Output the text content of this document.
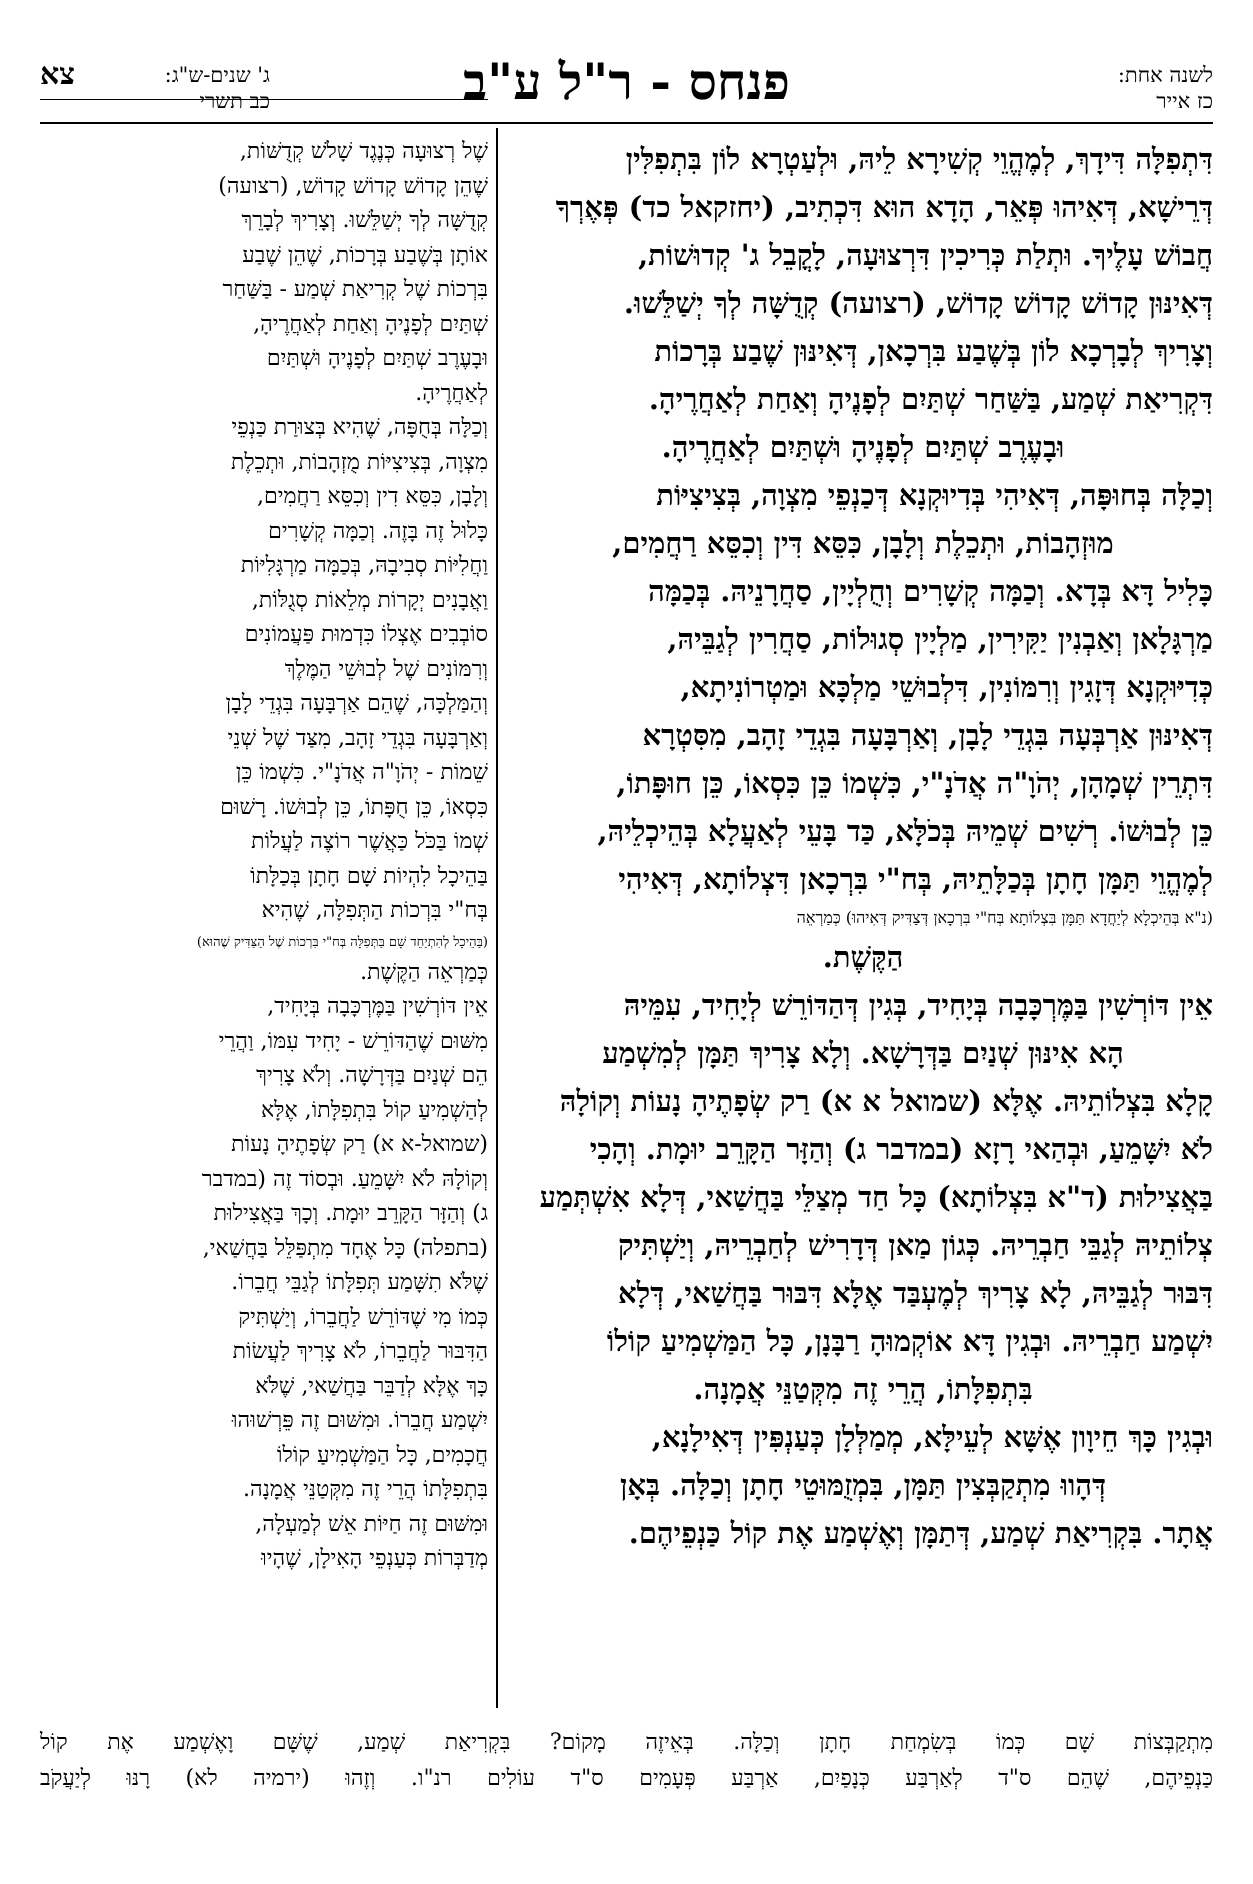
לשנה אחת:
כז אייר
פנחס - ר"ל ע"ב
ג' שנים-ש"ג:
צא
כב תשרי

דִּתְפִלָּה דִּידָךְ, לְמֶהֱוֵי קְשִׁירָא לֵיהּ, וּלְעַטְרָא לוֹן בִּתְפִלִּין

דְּרֵישָׁא, דְּאִיהוּ פְּאֵר, הָדָא הוּא דִּכְתִיב, (יחזקאל כד) פְּאֶרְךָ

חֲבוֹשׁ עָלֶיךָ. וּתְלַת כְּרִיכִין דִּרְצוּעָה, לָקֳבֵל ג' קְדוּשׁוֹת,

דְּאִינּוּן קָדוֹשׁ קָדוֹשׁ קָדוֹשׁ, (רצועה) קְדֻשָּׁה לְךָ יְשַׁלֵּשׁוּ.

וְצָרִיךְ לְבָרְכָא לוֹן בְּשֶׁבַע בִּרְכָאן, דְּאִינּוּן שֶׁבַע בְּרָכוֹת

דִּקְרִיאַת שְׁמַע, בַּשַּׁחַר שְׁתַּיִם לְפָנֶיהָ וְאַחַת לְאַחֲרֶיהָ.

וּבָעֶרֶב שְׁתַּיִם לְפָנֶיהָ וּשְׁתַּיִם לְאַחֲרֶיהָ.

וְכַלָּה בְּחוּפָּה, דְּאִיהִי בְּדִיוּקְנָא דְּכַנְפֵי מִצְוָה, בְּצִיצִיּוֹת

מוּזְהָבוֹת, וּתְכֵלֶת וְלָבָן, כִּסֵּא דִּין וְכִסֵּא רַחֲמִים,

כָּלִיל דָּא בְּדָא. וְכַמָּה קְשָׁרִים וְחֻלְיָין, סַחֲרָנֵיהּ. בְּכַמָּה

מַרְגָּלָאן וְאַבְנִין יַקִּירִין, מַלְיָין סְגוּלוֹת, סַחֲרִין לְגַבֵּיהּ,

כְּדִיּוּקְנָא דְּזָגִין וְרִמּוֹנִין, דִּלְבוּשֵׁי מַלְכָּא וּמַטְרוֹנִיתָא,

דְּאִינּוּן אַרְבְּעָה בִּגְדֵי לָבָן, וְאַרְבָּעָה בִּגְדֵי זָהָב, מִסִּטְרָא

דִּתְרֵין שְׁמָהָן, יְהֹוָ"ה אֲדֹנָ"י, כִּשְׁמוֹ כֵּן כִּסְאוֹ, כֵּן חוּפָּתוֹ,

כֵּן לְבוּשׁוֹ. רְשִׁים שְׁמֵיהּ בְּכֹלָּא, כַּד בָּעֵי לְאַעֲלָא בְּהֵיכְלֵיהּ,

לְמֶהֱוֵי תַּמָּן חָתָן בְּכַלָּתֵיהּ, בְּח"י בִּרְכָאן דִּצְלוֹתָא, דְּאִיהִי

(נ"א בְּהֵיכְלָא לְיַחֲדָא תַּמָּן בִּצְלוֹתָא בְּח"י בִּרְכָאן דְּצַדִּיק דְּאִיהוּ) כְּמַרְאֵה

הַקֶּשֶׁת.

אֵין דּוֹרְשִׁין בַּמֶּרְכָּבָה בְּיָחִיד, בְּגִין דְּהַדּוֹרֵשׁ לְיָחִיד, עִמֵּיהּ

הָא אִינּוּן שְׁנַיִם בַּדְּרָשָׁא. וְלָא צָרִיךְ תַּמָּן לְמִשְׁמַע

קָלָא בִּצְלוֹתֵיהּ. אֶלָּא (שמואל א א) רַק שְׂפָתֶיהָ נָעוֹת וְקוֹלָהּ

לֹא יִשָּׁמֵעַ, וּבְהַאי רָזָא (במדבר ג) וְהַזָּר הַקָּרֵב יוּמָת. וְהָכִי

בַּאֲצִילוּת (ד"א בִּצְלוֹתָא) כָּל חַד מְצַלֵּי בַּחֲשַׁאי, דְּלָא אִשְׁתְּמַע

צְלוֹתֵיהּ לְגַבֵּי חַבְרֵיהּ. כְּגוֹן מַאן דְּדָרִישׁ לְחַבְרֵיהּ, וְיַשְׁתִּיק

דִּבּוּר לְגַבֵּיהּ, לָא צָרִיךְ לְמֶעְבַּד אֶלָּא דִּבּוּר בַּחֲשַׁאי, דְּלָא

יִשְׁמַע חַבְרֵיהּ. וּבְגִין דָּא אוֹקְמוּהָ רַבָּנָן, כָּל הַמַּשְׁמִיעַ קוֹלוֹ

בִּתְפִלָּתוֹ, הֲרֵי זֶה מִקְּטַנֵּי אֲמָנָה.

וּבְגִין כָּךְ חֵיוָון אֶשָּׁא לְעֵילָּא, מְמַלְּלָן כְּעַנְפִּין דְּאִילָנָא,

דְּהָווּ מִתְקַבְּצִין תַּמָּן, בִּמְזֻמּוּטֵי חָתָן וְכַלָּה. בְּאָן

אֲתָר. בִּקְרִיאַת שְׁמַע, דְּתַמָּן וְאֶשְׁמַע אֶת קוֹל כַּנְפֵיהֶם.

שֶׁל רְצוּעָה כְּנֶגֶד שָׁלֹשׁ קְדֻשּׁוֹת,

שֶׁהֵן קָדוֹשׁ קָדוֹשׁ קָדוֹשׁ, (רצועה)

קְדֻשָּׁה לְךָ יְשַׁלֵּשׁוּ. וְצָרִיךְ לְבָרֵךְ

אוֹתָן בְּשֶׁבַע בְּרָכוֹת, שֶׁהֵן שֶׁבַע

בִּרְכוֹת שֶׁל קְרִיאַת שְׁמַע - בַּשַּׁחַר

שְׁתַּיִם לְפָנֶיהָ וְאַחַת לְאַחֲרֶיהָ,

וּבָעֶרֶב שְׁתַּיִם לְפָנֶיהָ וּשְׁתַּיִם

לְאַחֲרֶיהָ.

וְכַלָּה בְּחֻפָּה, שֶׁהִיא בְּצוּרַת כַּנְפֵי

מִצְוָה, בְּצִיצִיּוֹת מֻזְהָבוֹת, וּתְכֵלֶת

וְלָבָן, כִּסֵּא דִין וְכִסֵּא רַחֲמִים,

כָּלוּל זֶה בָּזֶה. וְכַמָּה קְשָׁרִים

וַחֲלִיּוֹת סְבִיבָהּ, בְּכַמָּה מַרְגָּלִיּוֹת

וַאֲבָנִים יְקָרוֹת מְלֵאוֹת סְגֻלּוֹת,

סוֹבְבִים אֶצְלוֹ כִּדְמוּת פַּעֲמוֹנִים

וְרִמּוֹנִים שֶׁל לְבוּשֵׁי הַמֶּלֶךְ

וְהַמַּלְכָּה, שֶׁהֵם אַרְבָּעָה בִּגְדֵי לָבָן

וְאַרְבָּעָה בִּגְדֵי זָהָב, מִצַּד שֶׁל שְׁנֵי

שֵׁמוֹת - יְהֹוָ"ה אֲדֹנָ"י. כִּשְׁמוֹ כֵּן

כִּסְאוֹ, כֵּן חֻפָּתוֹ, כֵּן לְבוּשׁוֹ. רָשׁוּם

שְׁמוֹ בַּכֹּל כַּאֲשֶׁר רוֹצֶה לַעֲלוֹת

בַּהֵיכָל לִהְיוֹת שָׁם חָתָן בְּכַלָּתוֹ

בְּח"י בִּרְכוֹת הַתְּפִלָּה, שֶׁהִיא

(בַּהֵיכָל לְהִתְיַחֵד שָׁם בַּתְּפִלָּה בְּח"י בִּרְכוֹת שֶׁל הַצַּדִּיק שֶׁהוּא)

כְּמַרְאֵה הַקֶּשֶׁת.

אֵין דּוֹרְשִׁין בַּמֶּרְכָּבָה בְּיָחִיד,

מִשּׁוּם שֶׁהַדּוֹרֵשׁ - יָחִיד עִמּוֹ, וַהֲרֵי

הֵם שְׁנַיִם בַּדְּרָשָׁה. וְלֹא צָרִיךְ

לְהַשְׁמִיעַ קוֹל בִּתְפִלָּתוֹ, אֶלָּא

(שמואל-א א) רַק שְׂפָתֶיהָ נָעוֹת

וְקוֹלָהּ לֹא יִשָּׁמֵעַ. וּבְסוֹד זֶה (במדבר

ג) וְהַזָּר הַקָּרֵב יוּמָת. וְכָךְ בַּאֲצִילוּת

(בתפלה) כָּל אֶחָד מִתְפַּלֵּל בַּחֲשַׁאי,

שֶׁלֹּא תִשָּׁמַע תְּפִלָּתוֹ לְגַבֵּי חֲבֵרוֹ.

כְּמוֹ מִי שֶׁדּוֹרֵשׁ לַחֲבֵרוֹ, וְיַשְׁתִּיק

הַדִּבּוּר לַחֲבֵרוֹ, לֹא צָרִיךְ לַעֲשׂוֹת

כָּךְ אֶלָּא לְדַבֵּר בַּחֲשַׁאי, שֶׁלֹּא

יִשְׁמַע חֲבֵרוֹ. וּמִשּׁוּם זֶה פֵּרְשׁוּהוּ

חֲכָמִים, כָּל הַמַּשְׁמִיעַ קוֹלוֹ

בִּתְפִלָּתוֹ הֲרֵי זֶה מִקְּטַנֵּי אֲמָנָה.

וּמִשּׁוּם זֶה חַיּוֹת אֵשׁ לְמַעְלָה,

מְדַבְּרוֹת כְּעַנְפֵי הָאִילָן, שֶׁהָיוּ

מִתְקַבְּצוֹת שָׁם כְּמוֹ בְּשִׂמְחַת חָתָן וְכַלָּה. בְּאֵיזֶה מָקוֹם? בִּקְרִיאַת שְׁמַע, שֶׁשָּׁם וָאֶשְׁמַע אֶת קוֹל

כַּנְפֵיהֶם, שֶׁהֵם ס"ד לְאַרְבַּע כְּנָפַיִם, אַרְבַּע פְּעָמִים ס"ד עוֹלִים רנ"ו. וְזֶהוּ (ירמיה לא) רָנּוּ לְיַעֲקֹב
